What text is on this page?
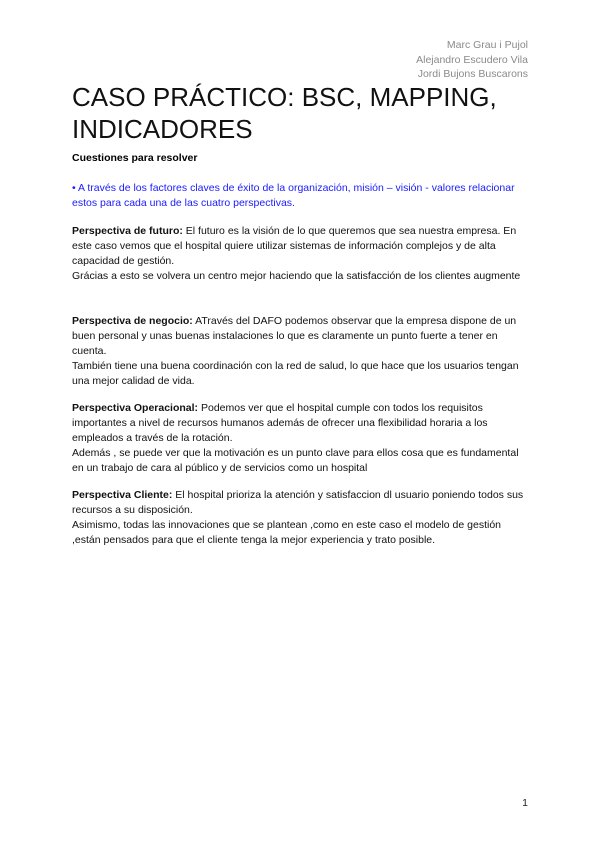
Marc Grau i Pujol
Alejandro Escudero Vila
Jordi Bujons Buscarons
CASO PRÁCTICO: BSC, MAPPING, INDICADORES
Cuestiones para resolver
• A través de los factores claves de éxito de la organización, misión – visión - valores relacionar estos para cada una de las cuatro perspectivas.

Perspectiva de futuro: El futuro es la visión de lo que queremos que sea nuestra empresa. En este caso vemos que el hospital quiere utilizar sistemas de información complejos y de alta capacidad de gestión.

Grácias a esto se volvera un centro mejor haciendo que la satisfacción de los clientes augmente

Perspectiva de negocio: ATravés del DAFO podemos observar que la empresa dispone de un buen personal y unas buenas instalaciones lo que es claramente un punto fuerte a tener en cuenta.

También tiene una buena coordinación con la red de salud, lo que hace que los usuarios tengan una mejor calidad de vida.

Perspectiva Operacional: Podemos ver que el hospital cumple con todos los requisitos importantes a nivel de recursos humanos además de ofrecer una flexibilidad horaria a los empleados a través de la rotación.

Además , se puede ver que la motivación es un punto clave para ellos cosa que es fundamental en un trabajo de cara al público y de servicios como un hospital

Perspectiva Cliente: El hospital prioriza la atención y satisfaccion dl usuario poniendo todos sus recursos a su disposición.

Asimismo, todas las innovaciones que se plantean ,como en este caso el modelo de gestión ,están pensados para que el cliente tenga la mejor experiencia y trato posible.

1
